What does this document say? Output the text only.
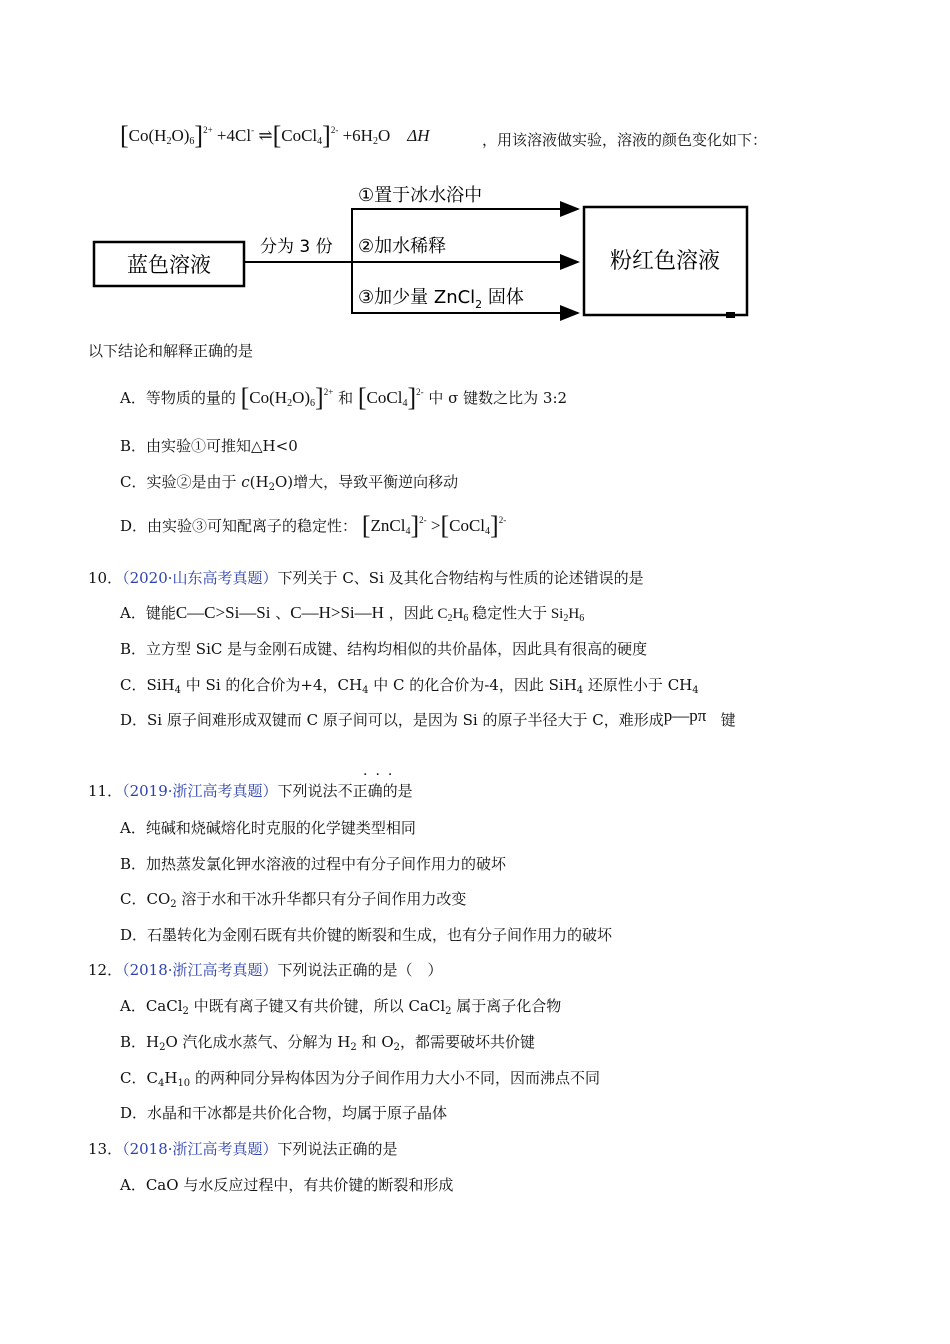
$[Co(H_2O)_6]^{2+} +4Cl^-$ ⇌[CoCl$_4$]$^{2-}$ $+6H_2O$ ΔH	，用该溶液做实验，溶液的颜色变化如下：
蓝色溶液
分为 3 份
①置于冰水浴中
②加水稀释
③加少量 ZnCl$_2$ 固体
粉红色溶液
以下结论和解释正确的是
A．等物质的量的 $[Co(H_2O)_6]^{2+}$ 和 [CoCl$_4$]$^{2-}$ 中 σ 键数之比为 3:2
B．由实验①可推知△H<0
C．实验②是由于 $c(H_2O)$增大，导致平衡逆向移动
D．由实验③可知配离子的稳定性： [ZnCl$_4$]$^{2-}$ >[CoCl$_4$]$^{2-}$
10．（2020·山东高考真题）下列关于 C、Si 及其化合物结构与性质的论述错误的是
A．键能C—C>Si—Si 、C—H>Si—H ，因此 $C_2H_6$ 稳定性大于 $Si_2H_6$
B．立方型 SiC 是与金刚石成键、结构均相似的共价晶体，因此具有很高的硬度
C．SiH$_4$ 中 Si 的化合价为+4，$CH_4$ 中 C 的化合价为-4，因此 SiH$_4$ 还原性小于 $CH_4$
D．Si 原子间难形成双键而 C 原子间可以，是因为 Si 的原子半径大于 C，难形成p—pπ 键
···
11．（2019·浙江高考真题）下列说法不正确的是
A．纯碱和烧碱熔化时克服的化学键类型相同
B．加热蒸发氯化钾水溶液的过程中有分子间作用力的破坏
C．$CO_2$ 溶于水和干冰升华都只有分子间作用力改变
D．石墨转化为金刚石既有共价键的断裂和生成，也有分子间作用力的破坏
12．（2018·浙江高考真题）下列说法正确的是（　）
A．CaCl$_2$ 中既有离子键又有共价键，所以 CaCl$_2$ 属于离子化合物
B．$H_2O$ 汽化成水蒸气、分解为 $H_2$ 和 $O_2$，都需要破坏共价键
C．$C_4H_{10}$ 的两种同分异构体因为分子间作用力大小不同，因而沸点不同
D．水晶和干冰都是共价化合物，均属于原子晶体
13．（2018·浙江高考真题）下列说法正确的是
A．CaO 与水反应过程中，有共价键的断裂和形成
